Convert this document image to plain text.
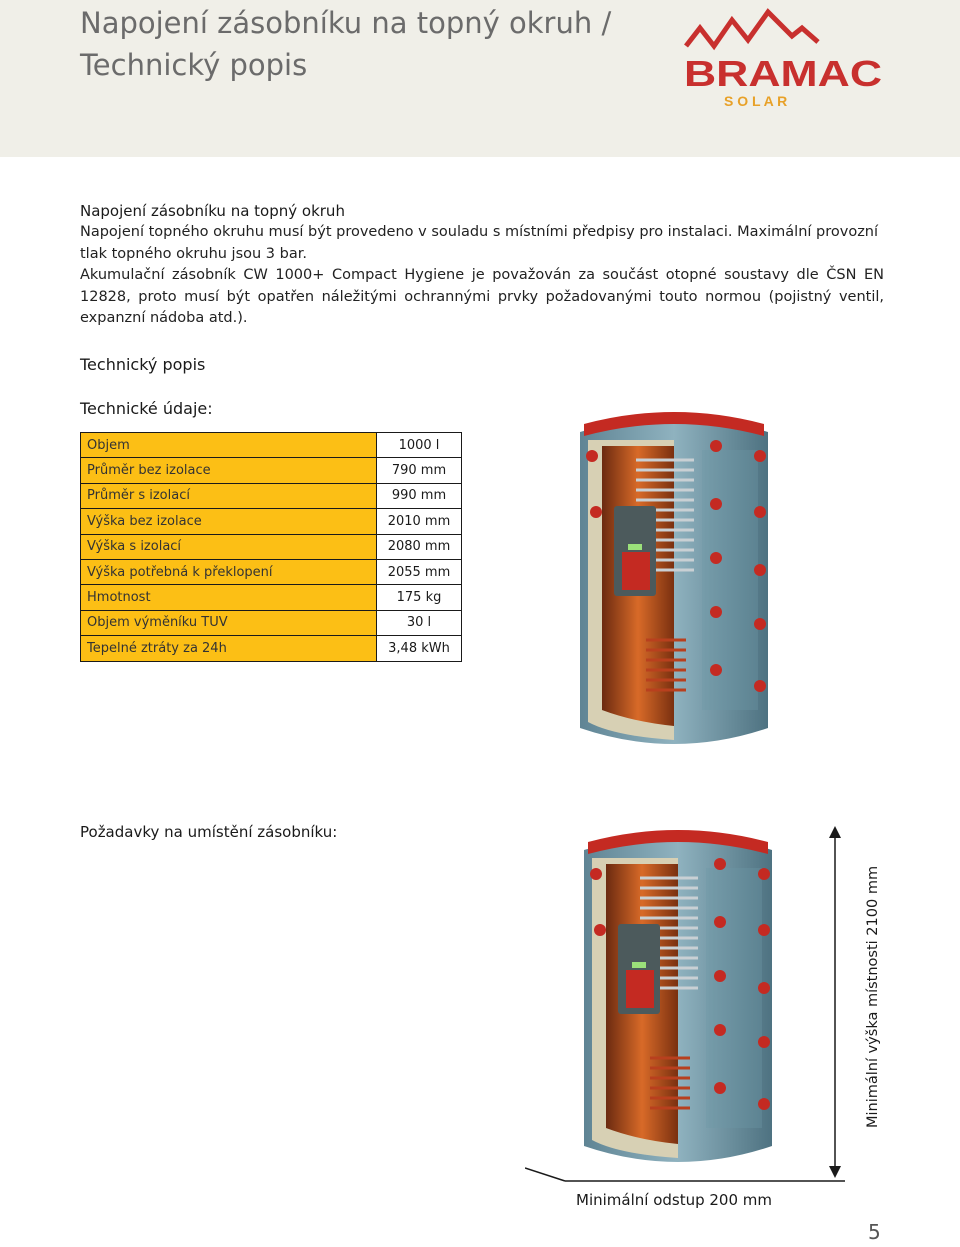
Napojení zásobníku na topný okruh /
Technický popis	BRAMAC
S O L A R
Napojení zásobníku na topný okruh

Napojení topného okruhu musí být provedeno v souladu s místními předpisy pro instalaci. Maximální provozní tlak topného okruhu jsou 3 bar.

Akumulační zásobník CW 1000+ Compact Hygiene je považován za součást otopné soustavy dle ČSN EN 12828, proto musí být opatřen náležitými ochrannými prvky požadovanými touto normou (pojistný ventil, expanzní nádoba atd.).

Technický popis
Technické údaje:
Objem	1000 l
Průměr bez izolace	790 mm
Průměr s izolací	990 mm
Výška bez izolace	2010 mm
Výška s izolací	2080 mm
Výška potřebná k překlopení	2055 mm
Hmotnost	175 kg
Objem výměníku TUV	30 l
Tepelné ztráty za 24h	3,48 kWh
Požadavky na umístění zásobníku:
Minimální výška místnosti 2100 mm
Minimální odstup 200 mm
5
